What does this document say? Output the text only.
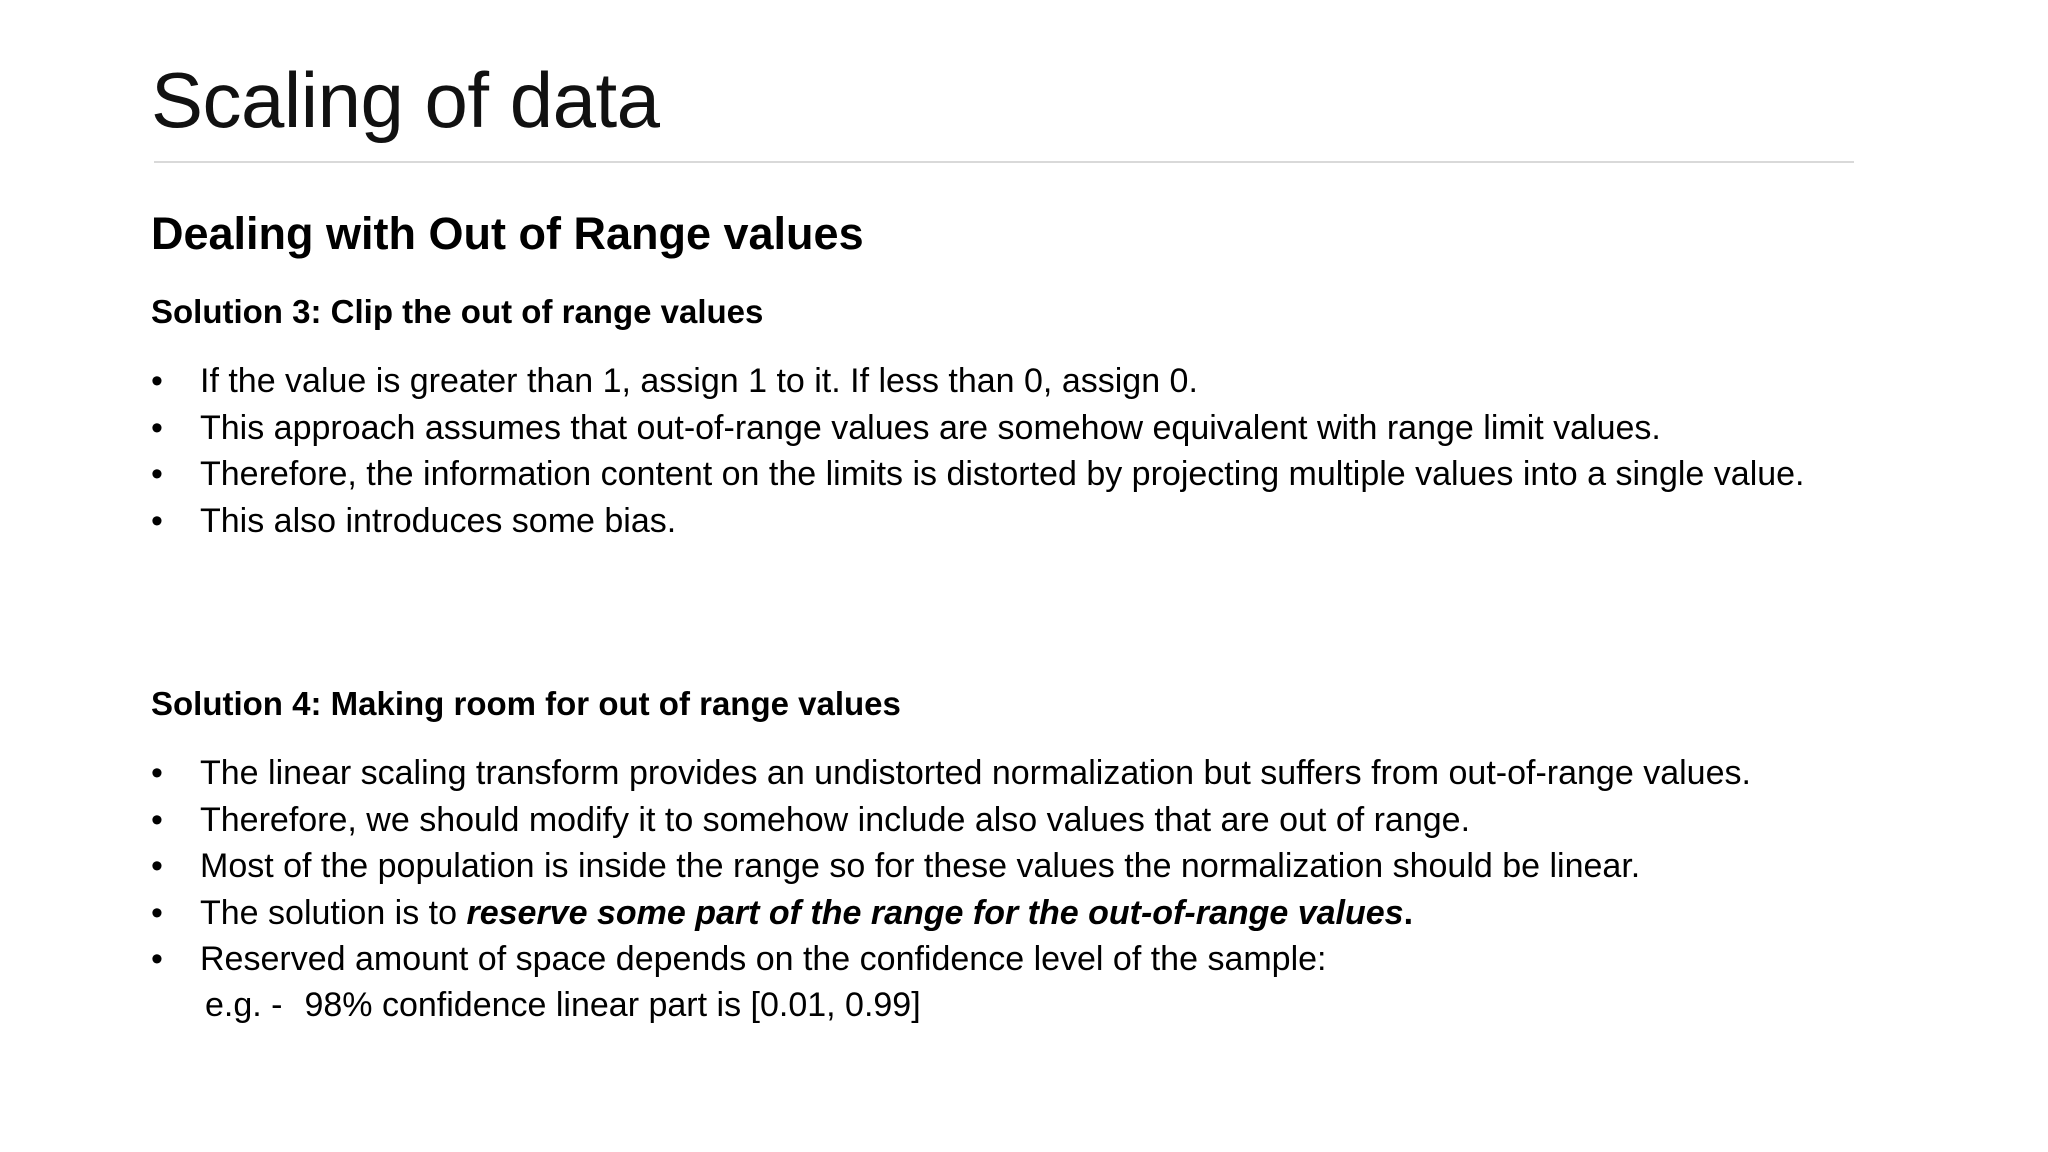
Scaling of data
Dealing with Out of Range values
Solution 3: Clip the out of range values
• If the value is greater than 1, assign 1 to it. If less than 0, assign 0.
• This approach assumes that out-of-range values are somehow equivalent with range limit values.
• Therefore, the information content on the limits is distorted by projecting multiple values into a single value.
• This also introduces some bias.
Solution 4: Making room for out of range values
• The linear scaling transform provides an undistorted normalization but suffers from out-of-range values.
• Therefore, we should modify it to somehow include also values that are out of range.
• Most of the population is inside the range so for these values the normalization should be linear.
• The solution is to reserve some part of the range for the out-of-range values.
• Reserved amount of space depends on the confidence level of the sample:
e.g. - 98% confidence linear part is [0.01, 0.99]
